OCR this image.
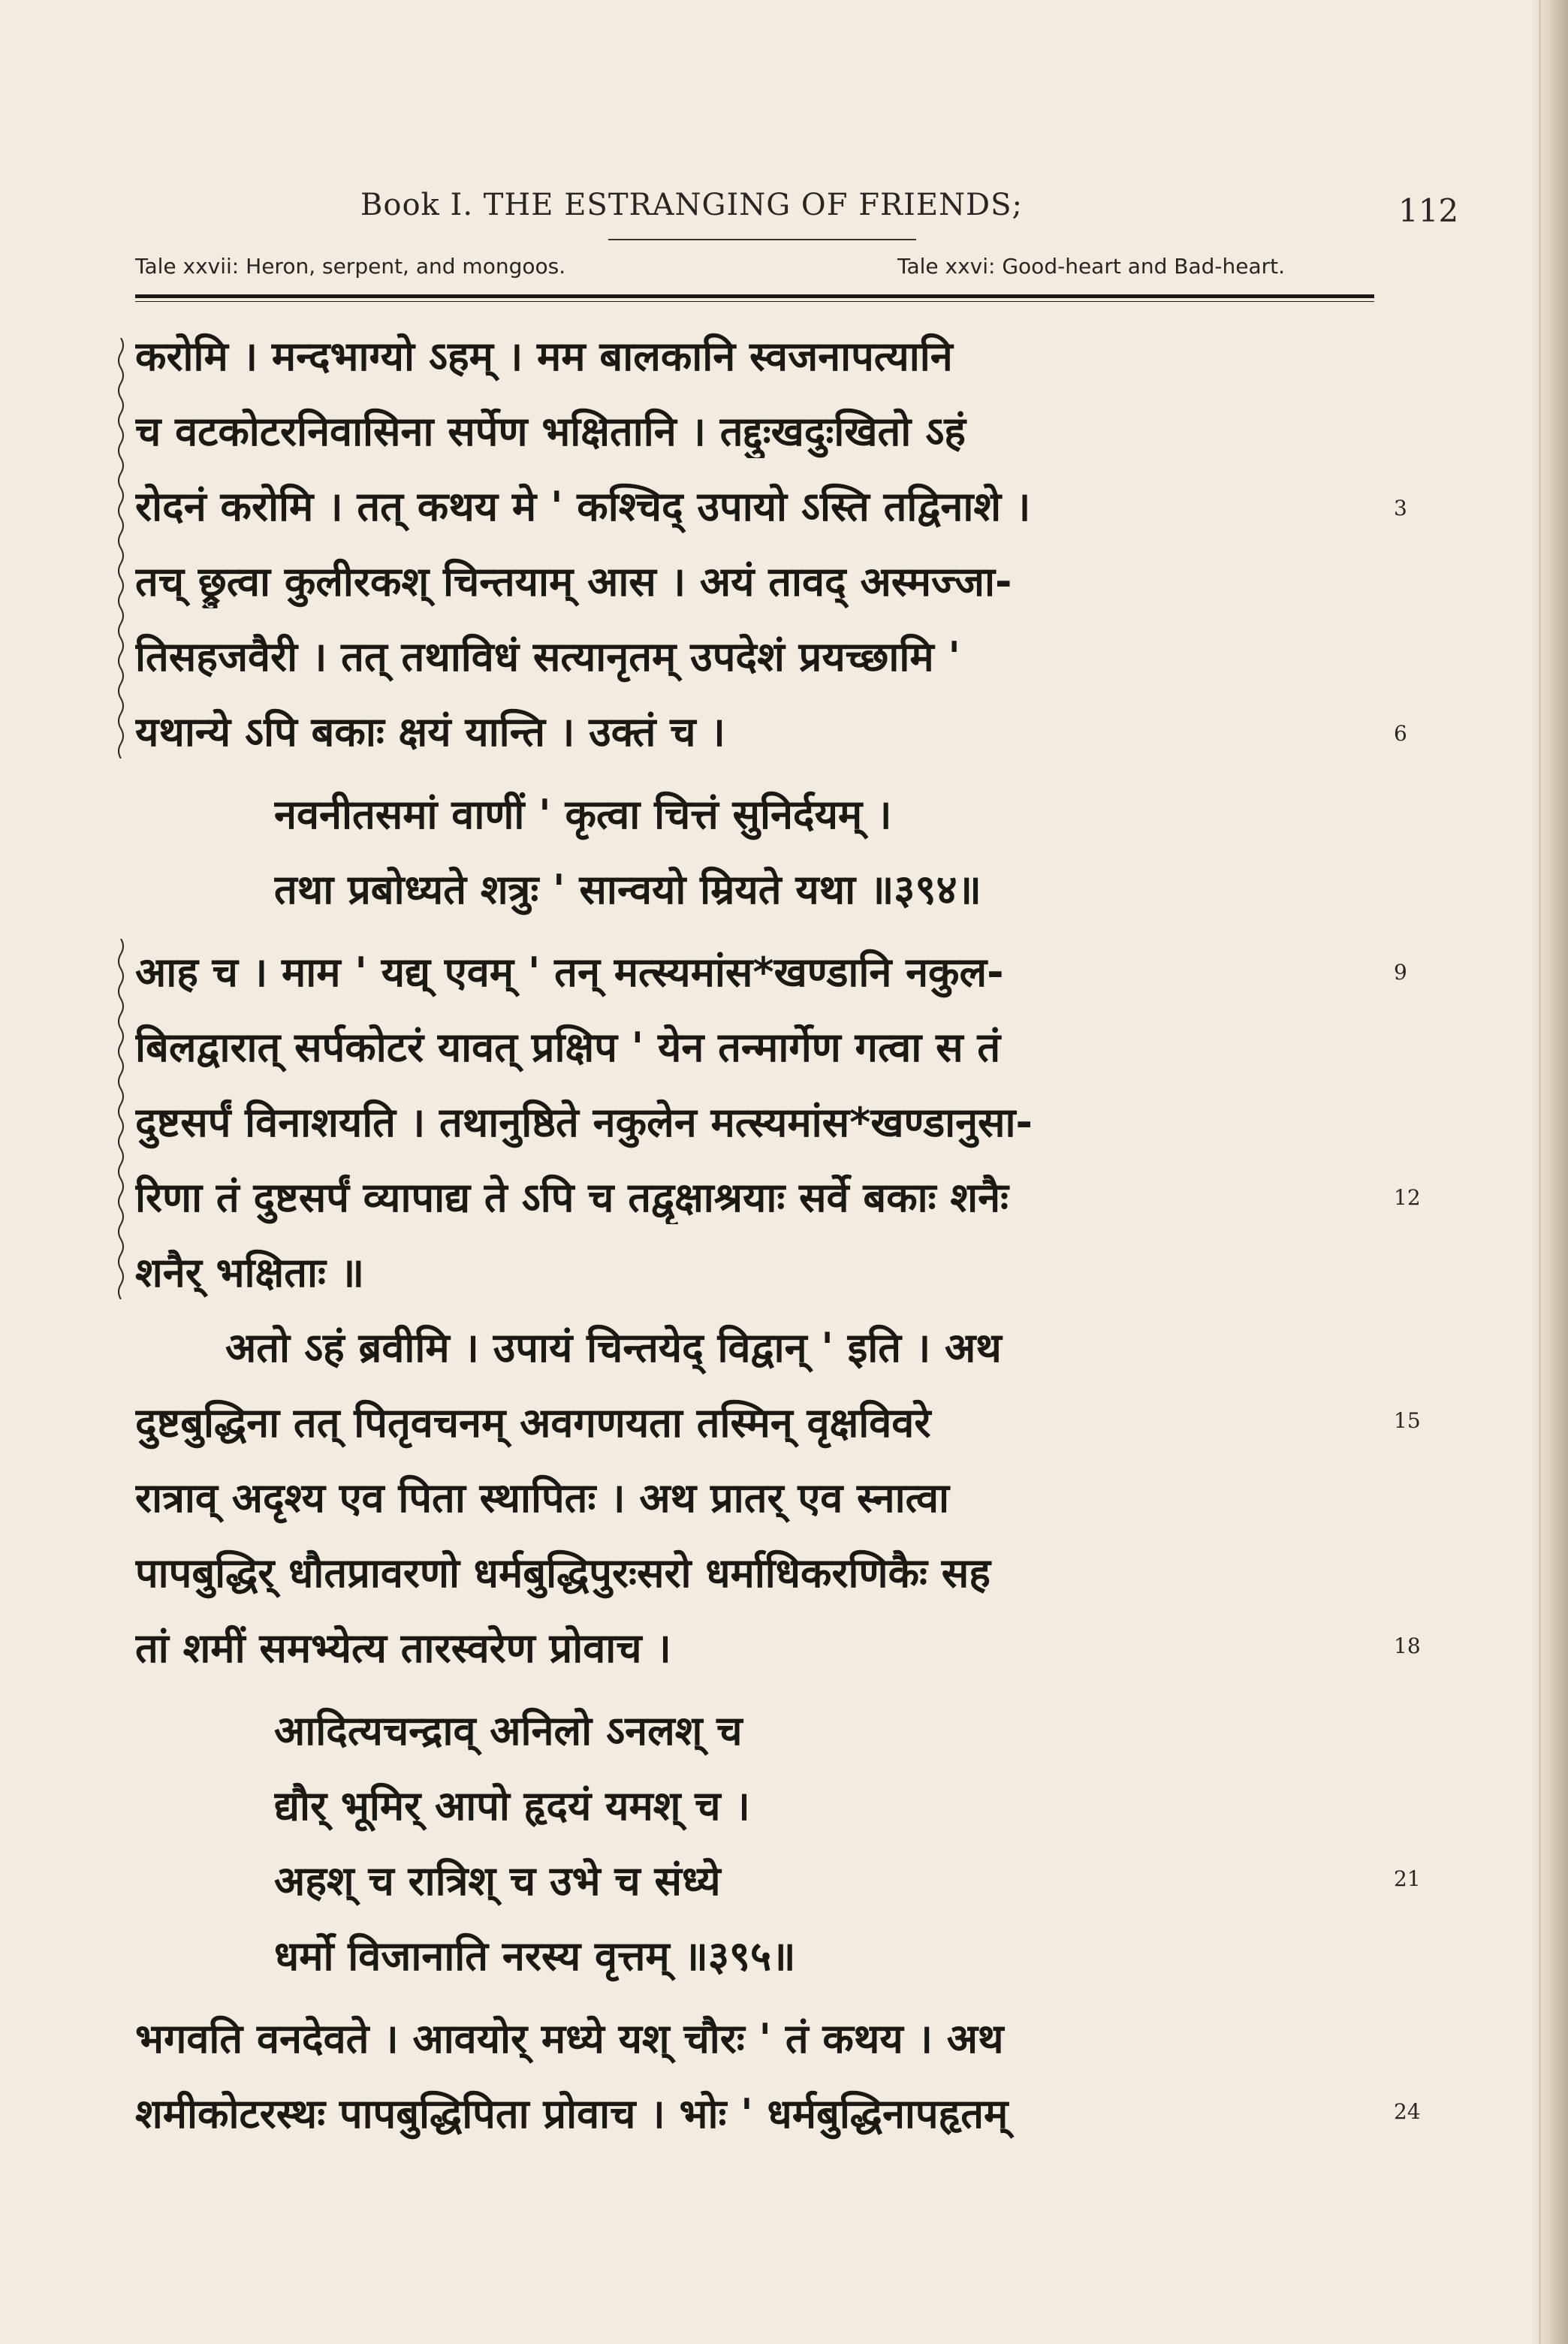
Book I. THE ESTRANGING OF FRIENDS;	112
Tale xxvii: Heron, serpent, and mongoos.	Tale xxvi: Good-heart and Bad-heart.
करोमि । मन्दभाग्यो ऽहम् । मम बालकानि स्वजनापत्यानि
च वटकोटरनिवासिना सर्पेण भक्षितानि । तद्दुःखदुःखितो ऽहं
रोदनं करोमि । तत् कथय मे ' कश्चिद् उपायो ऽस्ति तद्विनाशे ।
तच् छ्रुत्वा कुलीरकश् चिन्तयाम् आस । अयं तावद् अस्मज्जा-
तिसहजवैरी । तत् तथाविधं सत्यानृतम् उपदेशं प्रयच्छामि '
यथान्ये ऽपि बकाः क्षयं यान्ति । उक्तं च ।
नवनीतसमां वाणीं ' कृत्वा चित्तं सुनिर्दयम् ।
तथा प्रबोध्यते शत्रुः ' सान्वयो म्रियते यथा ॥३९४॥
आह च । माम ' यद्य् एवम् ' तन् मत्स्यमांस*खण्डानि नकुल-
बिलद्वारात् सर्पकोटरं यावत् प्रक्षिप ' येन तन्मार्गेण गत्वा स तं
दुष्टसर्पं विनाशयति । तथानुष्ठिते नकुलेन मत्स्यमांस*खण्डानुसा-
रिणा तं दुष्टसर्पं व्यापाद्य ते ऽपि च तद्वृक्षाश्रयाः सर्वे बकाः शनैः
शनैर् भक्षिताः ॥
अतो ऽहं ब्रवीमि । उपायं चिन्तयेद् विद्वान् ' इति । अथ
दुष्टबुद्धिना तत् पितृवचनम् अवगणयता तस्मिन् वृक्षविवरे
रात्राव् अदृश्य एव पिता स्थापितः । अथ प्रातर् एव स्नात्वा
पापबुद्धिर् धौतप्रावरणो धर्मबुद्धिपुरःसरो धर्माधिकरणिकैः सह
तां शमीं समभ्येत्य तारस्वरेण प्रोवाच ।
आदित्यचन्द्राव् अनिलो ऽनलश् च
द्यौर् भूमिर् आपो हृदयं यमश् च ।
अहश् च रात्रिश् च उभे च संध्ये
धर्मो विजानाति नरस्य वृत्तम् ॥३९५॥
भगवति वनदेवते । आवयोर् मध्ये यश् चौरः ' तं कथय । अथ
शमीकोटरस्थः पापबुद्धिपिता प्रोवाच । भोः ' धर्मबुद्धिनापहृतम्
3
6
9
12
15
18
21
24
